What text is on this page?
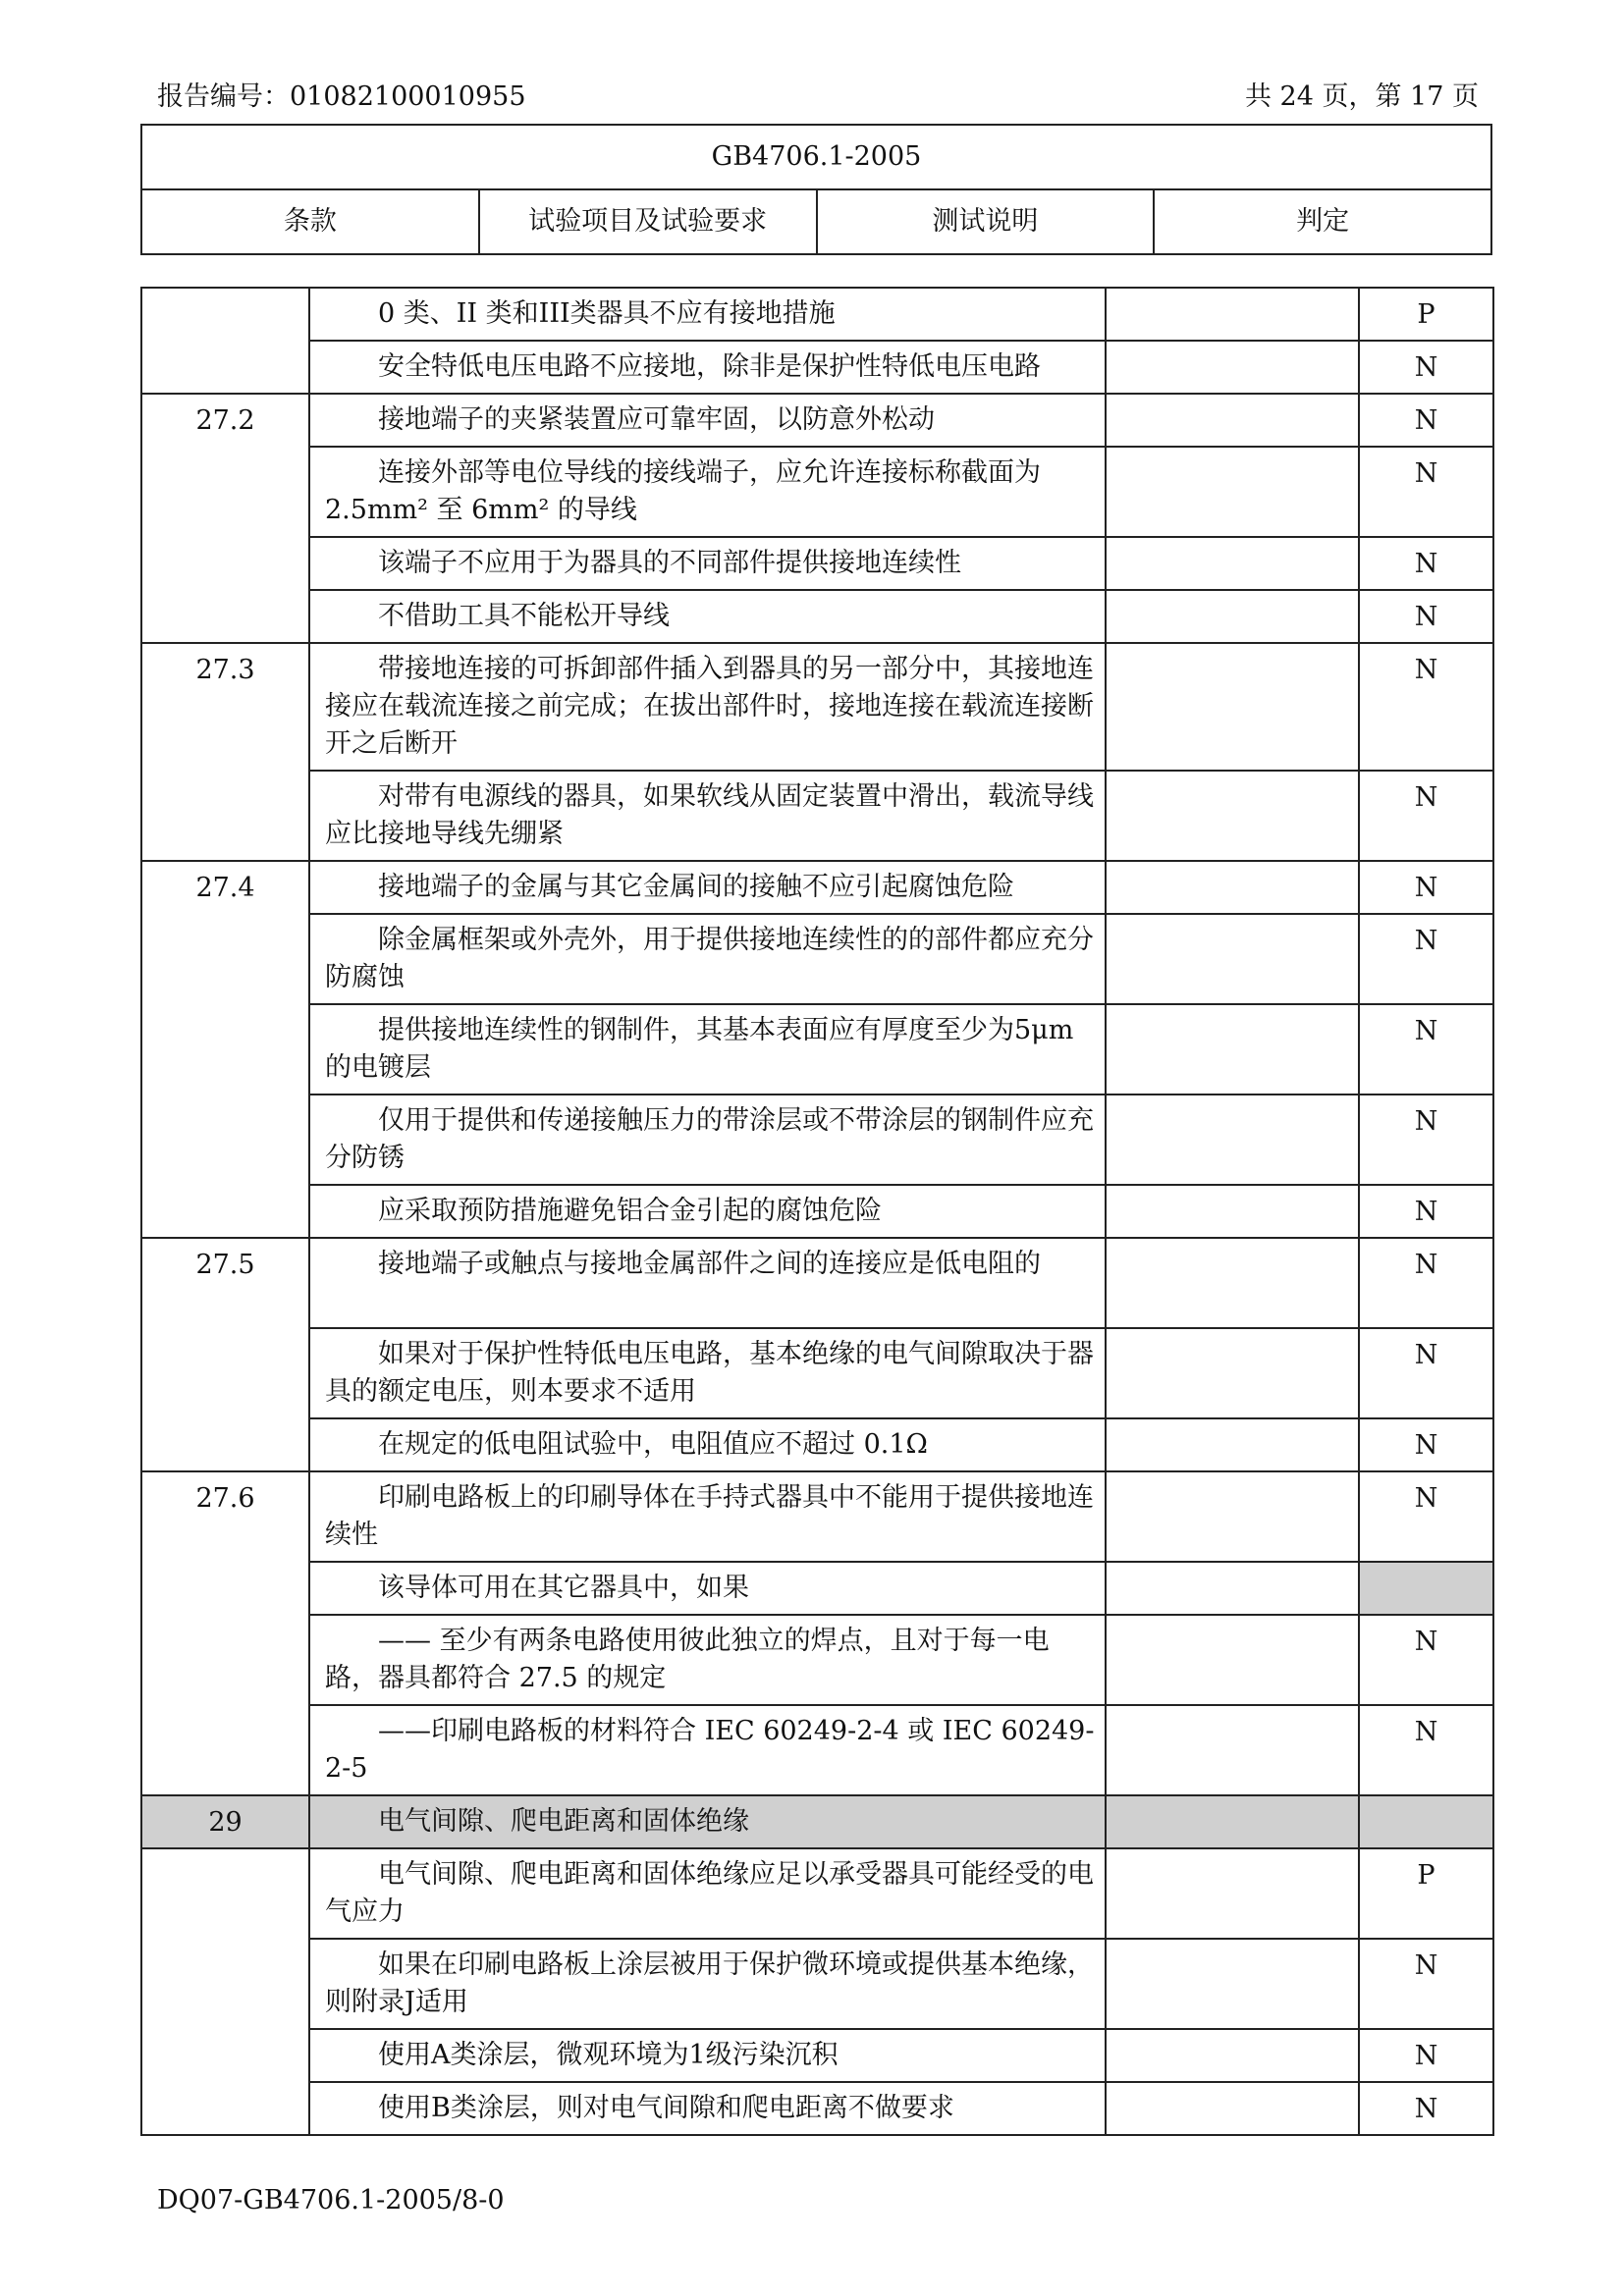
报告编号：01082100010955	共 24 页，第 17 页
GB4706.1-2005
条款	试验项目及试验要求	测试说明	判定

	0 类、II 类和III类器具不应有接地措施		P

	安全特低电压电路不应接地，除非是保护性特低电压电路		N
27.2	接地端子的夹紧装置应可靠牢固，以防意外松动		N

	连接外部等电位导线的接线端子，应允许连接标称截面为2.5mm² 至 6mm² 的导线		N

	该端子不应用于为器具的不同部件提供接地连续性		N

	不借助工具不能松开导线		N
27.3	带接地连接的可拆卸部件插入到器具的另一部分中，其接地连接应在载流连接之前完成；在拔出部件时，接地连接在载流连接断开之后断开		N

	对带有电源线的器具，如果软线从固定装置中滑出，载流导线应比接地导线先绷紧		N
27.4	接地端子的金属与其它金属间的接触不应引起腐蚀危险		N

	除金属框架或外壳外，用于提供接地连续性的的部件都应充分防腐蚀		N

	提供接地连续性的钢制件，其基本表面应有厚度至少为5μm 的电镀层		N

	仅用于提供和传递接触压力的带涂层或不带涂层的钢制件应充分防锈		N

	应采取预防措施避免铝合金引起的腐蚀危险		N
27.5	接地端子或触点与接地金属部件之间的连接应是低电阻的		N

	如果对于保护性特低电压电路，基本绝缘的电气间隙取决于器具的额定电压，则本要求不适用		N

	在规定的低电阻试验中，电阻值应不超过 0.1Ω		N
27.6	印刷电路板上的印刷导体在手持式器具中不能用于提供接地连续性		N

	该导体可用在其它器具中，如果		

	—— 至少有两条电路使用彼此独立的焊点，且对于每一电路，器具都符合 27.5 的规定		N

	——印刷电路板的材料符合 IEC 60249-2-4 或 IEC 60249-2-5		N
29	电气间隙、爬电距离和固体绝缘		

	电气间隙、爬电距离和固体绝缘应足以承受器具可能经受的电气应力		P

	如果在印刷电路板上涂层被用于保护微环境或提供基本绝缘，则附录J适用		N

	使用A类涂层，微观环境为1级污染沉积		N

	使用B类涂层，则对电气间隙和爬电距离不做要求		N
DQ07-GB4706.1-2005/8-0
